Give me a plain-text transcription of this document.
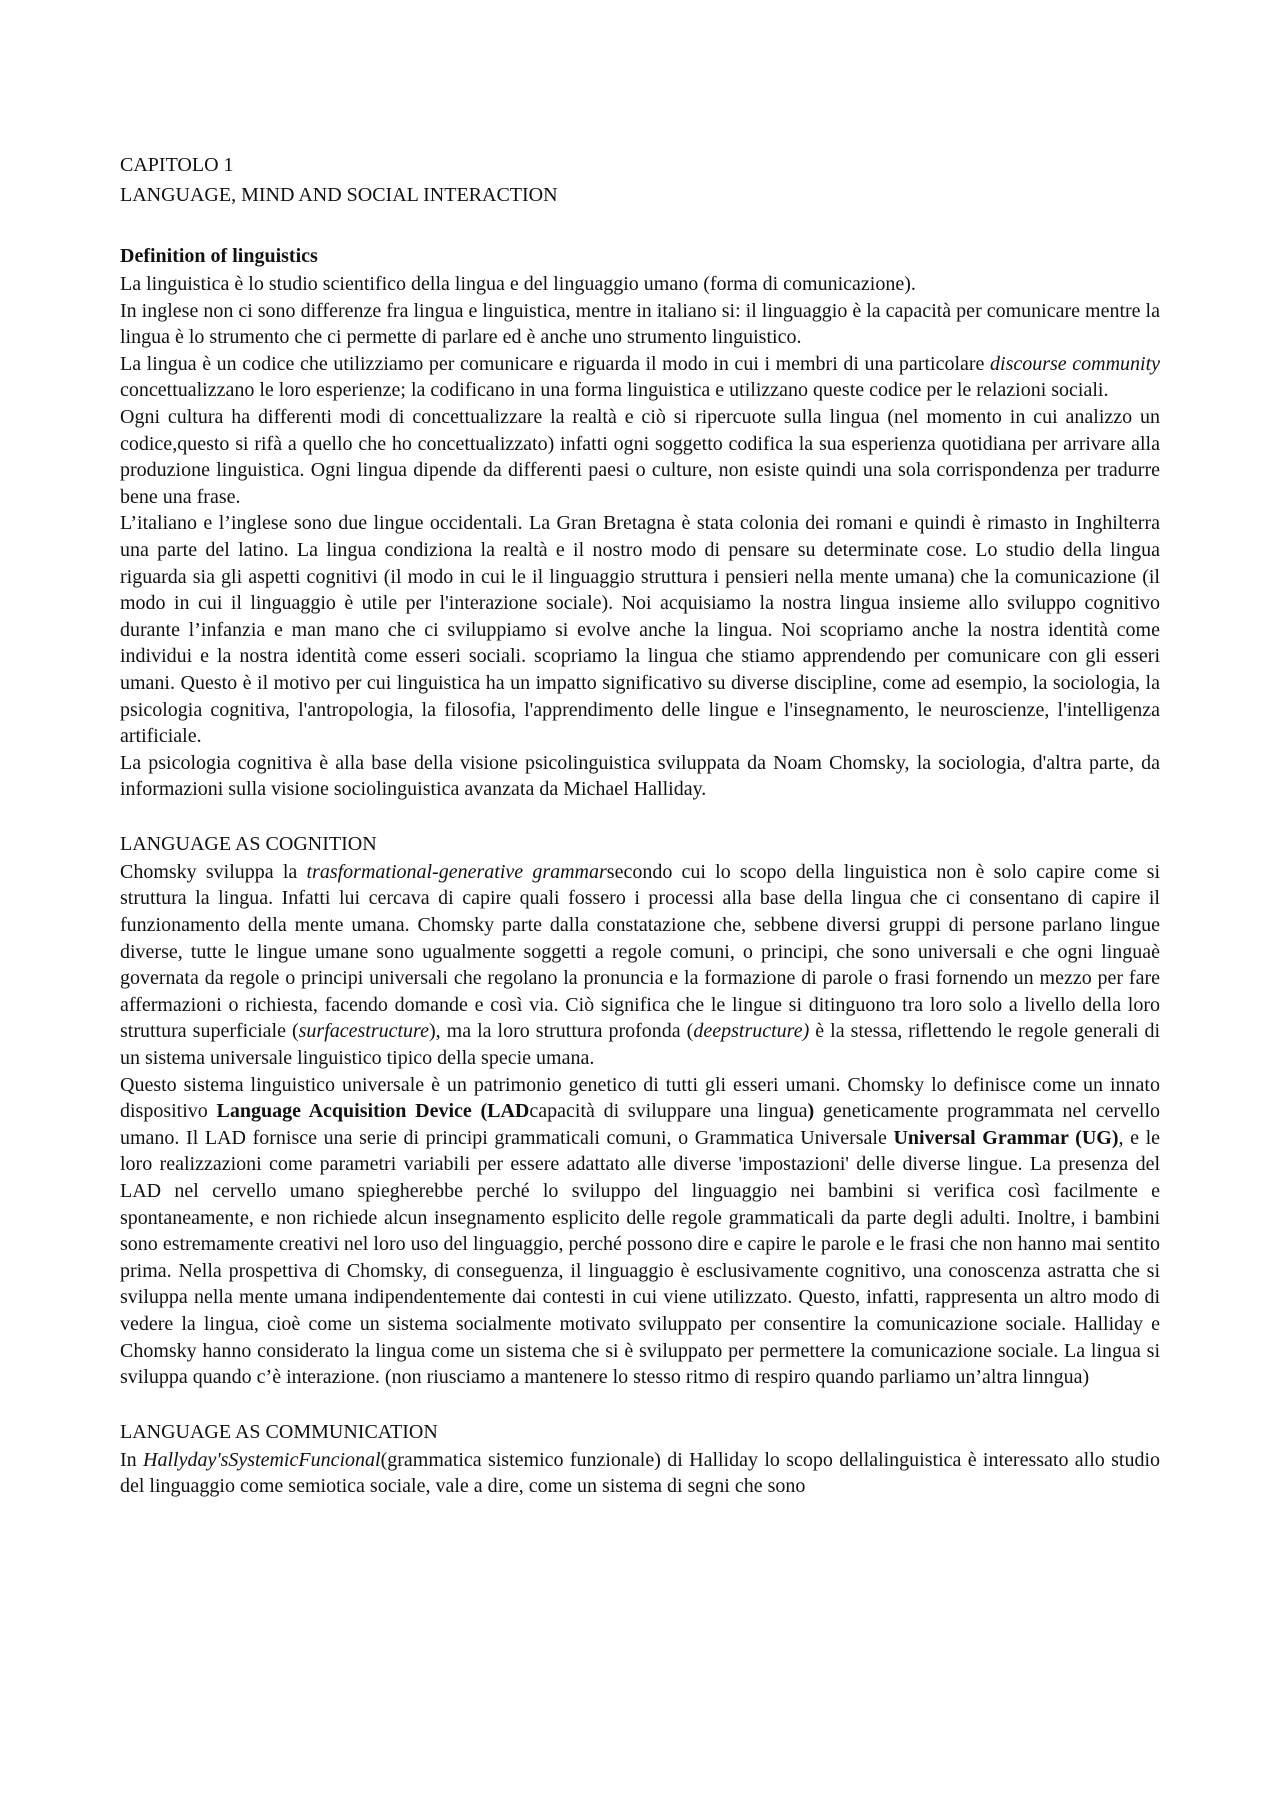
CAPITOLO 1
LANGUAGE, MIND AND SOCIAL INTERACTION
Definition of linguistics

La linguistica è lo studio scientifico della lingua e del linguaggio umano (forma di comunicazione).

In inglese non ci sono differenze fra lingua e linguistica, mentre in italiano si: il linguaggio è la capacità per comunicare mentre la lingua è lo strumento che ci permette di parlare ed è anche uno strumento linguistico.

La lingua è un codice che utilizziamo per comunicare e riguarda il modo in cui i membri di una particolare discourse community concettualizzano le loro esperienze; la codificano in una forma linguistica e utilizzano queste codice per le relazioni sociali.

Ogni cultura ha differenti modi di concettualizzare la realtà e ciò si ripercuote sulla lingua (nel momento in cui analizzo un codice,questo si rifà a quello che ho concettualizzato) infatti ogni soggetto codifica la sua esperienza quotidiana per arrivare alla produzione linguistica. Ogni lingua dipende da differenti paesi o culture, non esiste quindi una sola corrispondenza per tradurre bene una frase.

L’italiano e l’inglese sono due lingue occidentali. La Gran Bretagna è stata colonia dei romani e quindi è rimasto in Inghilterra una parte del latino. La lingua condiziona la realtà e il nostro modo di pensare su determinate cose. Lo studio della lingua riguarda sia gli aspetti cognitivi (il modo in cui le il linguaggio struttura i pensieri nella mente umana) che la comunicazione (il modo in cui il linguaggio è utile per l'interazione sociale). Noi acquisiamo la nostra lingua insieme allo sviluppo cognitivo durante l’infanzia e man mano che ci sviluppiamo si evolve anche la lingua. Noi scopriamo anche la nostra identità come individui e la nostra identità come esseri sociali. scopriamo la lingua che stiamo apprendendo per comunicare con gli esseri umani. Questo è il motivo per cui linguistica ha un impatto significativo su diverse discipline, come ad esempio, la sociologia, la psicologia cognitiva, l'antropologia, la filosofia, l'apprendimento delle lingue e l'insegnamento, le neuroscienze, l'intelligenza artificiale.

La psicologia cognitiva è alla base della visione psicolinguistica sviluppata da Noam Chomsky, la sociologia, d'altra parte, da informazioni sulla visione sociolinguistica avanzata da Michael Halliday.

LANGUAGE AS COGNITION

Chomsky sviluppa la trasformational-generative grammarsecondo cui lo scopo della linguistica non è solo capire come si struttura la lingua. Infatti lui cercava di capire quali fossero i processi alla base della lingua che ci consentano di capire il funzionamento della mente umana. Chomsky parte dalla constatazione che, sebbene diversi gruppi di persone parlano lingue diverse, tutte le lingue umane sono ugualmente soggetti a regole comuni, o principi, che sono universali e che ogni linguaè governata da regole o principi universali che regolano la pronuncia e la formazione di parole o frasi fornendo un mezzo per fare affermazioni o richiesta, facendo domande e così via. Ciò significa che le lingue si ditinguono tra loro solo a livello della loro struttura superficiale (surfacestructure), ma la loro struttura profonda (deepstructure) è la stessa, riflettendo le regole generali di un sistema universale linguistico tipico della specie umana.

Questo sistema linguistico universale è un patrimonio genetico di tutti gli esseri umani. Chomsky lo definisce come un innato dispositivo Language Acquisition Device (LADcapacità di sviluppare una lingua) geneticamente programmata nel cervello umano. Il LAD fornisce una serie di principi grammaticali comuni, o Grammatica Universale Universal Grammar (UG), e le loro realizzazioni come parametri variabili per essere adattato alle diverse 'impostazioni' delle diverse lingue. La presenza del LAD nel cervello umano spiegherebbe perché lo sviluppo del linguaggio nei bambini si verifica così facilmente e spontaneamente, e non richiede alcun insegnamento esplicito delle regole grammaticali da parte degli adulti. Inoltre, i bambini sono estremamente creativi nel loro uso del linguaggio, perché possono dire e capire le parole e le frasi che non hanno mai sentito prima. Nella prospettiva di Chomsky, di conseguenza, il linguaggio è esclusivamente cognitivo, una conoscenza astratta che si sviluppa nella mente umana indipendentemente dai contesti in cui viene utilizzato. Questo, infatti, rappresenta un altro modo di vedere la lingua, cioè come un sistema socialmente motivato sviluppato per consentire la comunicazione sociale. Halliday e Chomsky hanno considerato la lingua come un sistema che si è sviluppato per permettere la comunicazione sociale. La lingua si sviluppa quando c’è interazione. (non riusciamo a mantenere lo stesso ritmo di respiro quando parliamo un’altra linngua)

LANGUAGE AS COMMUNICATION

In Hallyday'sSystemicFuncional(grammatica sistemico funzionale) di Halliday lo scopo dellalinguistica è interessato allo studio del linguaggio come semiotica sociale, vale a dire, come un sistema di segni che sono
